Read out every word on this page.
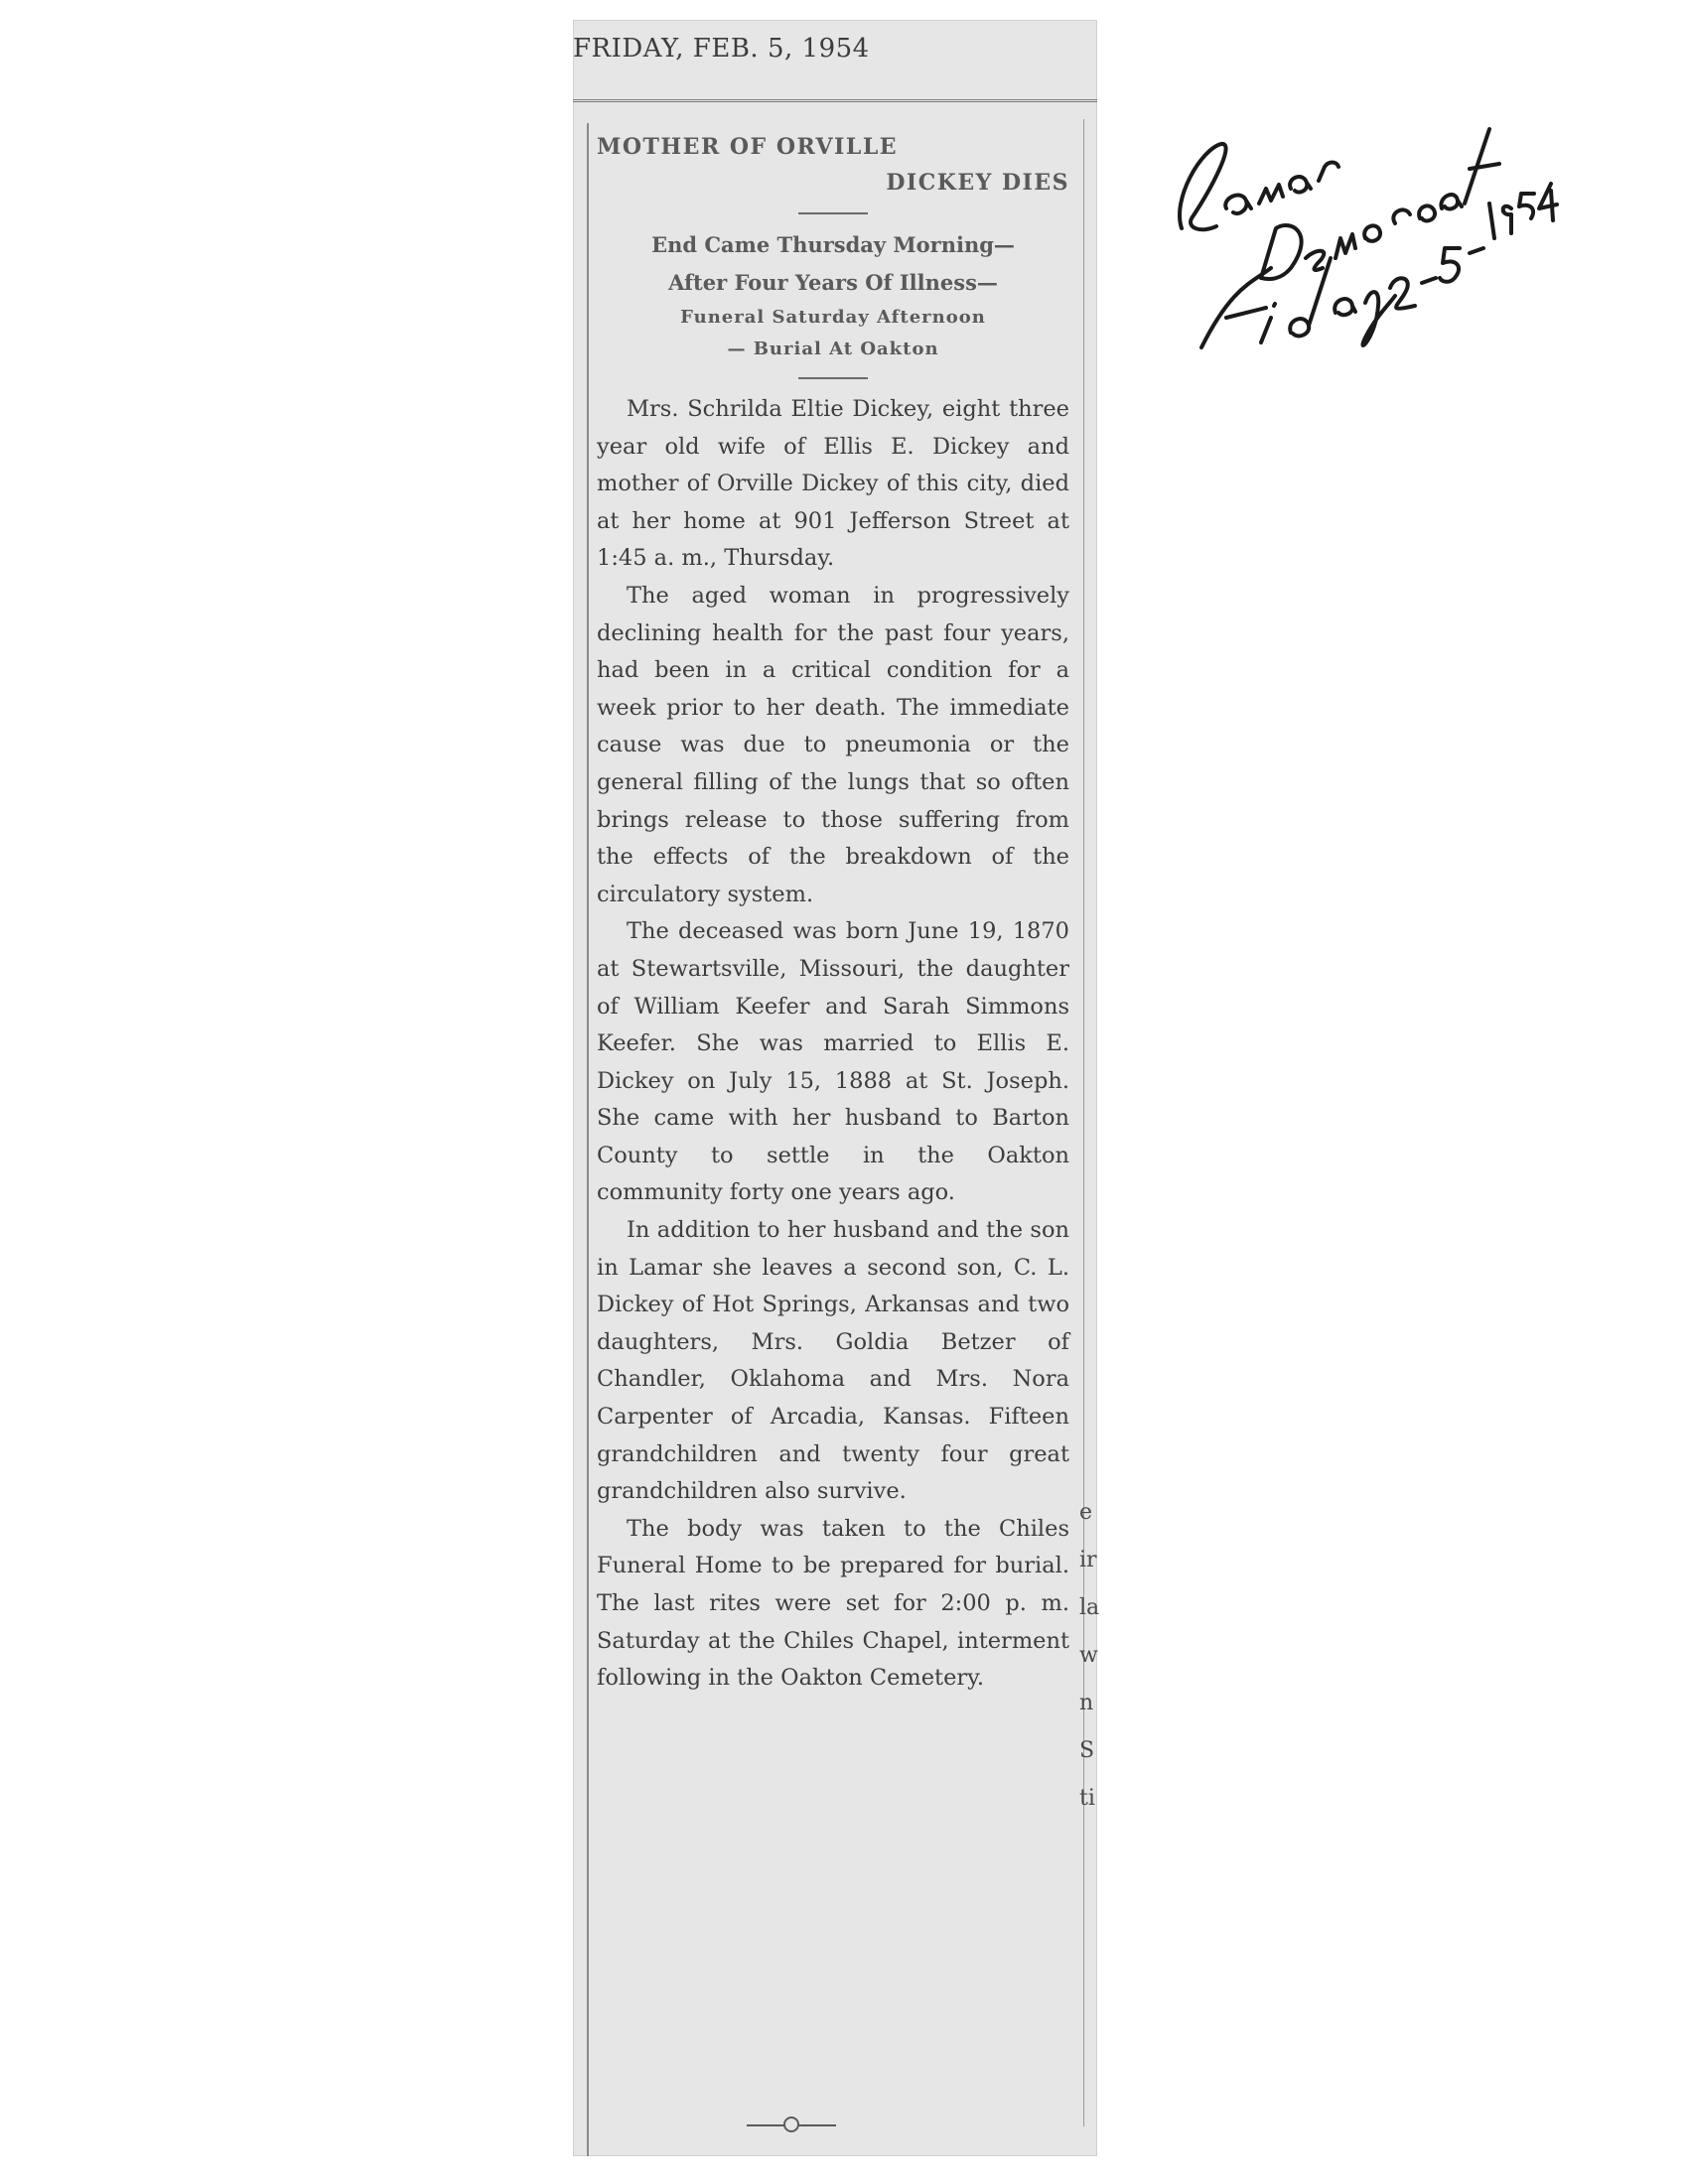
FRIDAY, FEB. 5, 1954
MOTHER OF ORVILLE
DICKEY DIES
End Came Thursday Morning—
After Four Years Of Illness—
Funeral Saturday Afternoon
— Burial At Oakton

Mrs. Schrilda Eltie Dickey, eight three year old wife of Ellis E. Dickey and mother of Orville Dickey of this city, died at her home at 901 Jefferson Street at 1:45 a. m., Thursday.

The aged woman in progressively declining health for the past four years, had been in a critical condition for a week prior to her death. The immediate cause was due to pneumonia or the general filling of the lungs that so often brings release to those suffering from the effects of the breakdown of the circulatory system.

The deceased was born June 19, 1870 at Stewartsville, Missouri, the daughter of William Keefer and Sarah Simmons Keefer. She was married to Ellis E. Dickey on July 15, 1888 at St. Joseph. She came with her husband to Barton County to settle in the Oakton community forty one years ago.

In addition to her husband and the son in Lamar she leaves a second son, C. L. Dickey of Hot Springs, Arkansas and two daughters, Mrs. Goldia Betzer of Chandler, Oklahoma and Mrs. Nora Carpenter of Arcadia, Kansas. Fifteen grandchildren and twenty four great grandchildren also survive.

The body was taken to the Chiles Funeral Home to be prepared for burial. The last rites were set for 2:00 p. m. Saturday at the Chiles Chapel, interment following in the Oakton Cemetery.

e
ir
la
w
n
S
ti
